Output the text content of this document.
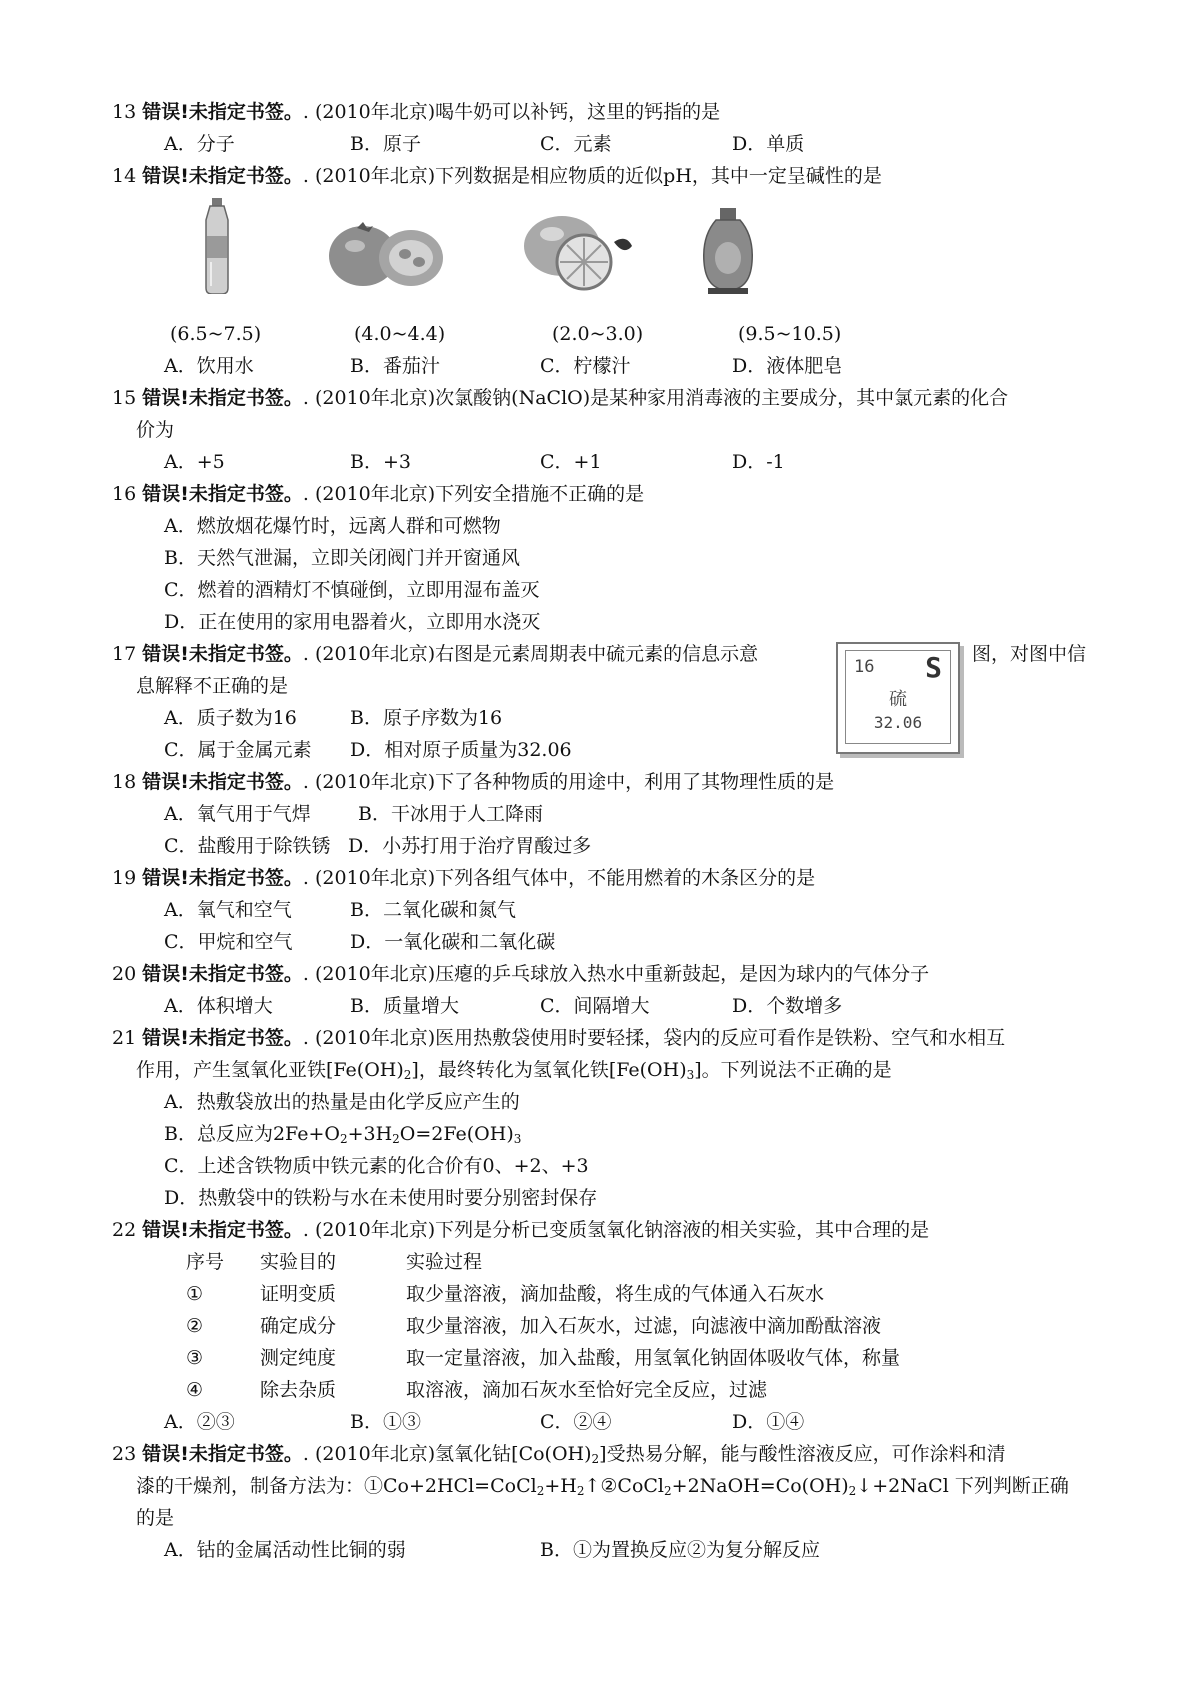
13 错误!未指定书签。. (2010年北京)喝牛奶可以补钙，这里的钙指的是
A．分子	B．原子	C．元素	D．单质
14 错误!未指定书签。. (2010年北京)下列数据是相应物质的近似pH，其中一定呈碱性的是
(6.5~7.5)	(4.0~4.4)	(2.0~3.0)	(9.5~10.5)
A．饮用水	B．番茄汁	C．柠檬汁	D．液体肥皂
15 错误!未指定书签。. (2010年北京)次氯酸钠(NaClO)是某种家用消毒液的主要成分，其中氯元素的化合
价为
A．+5	B．+3	C．+1	D．-1
16 错误!未指定书签。. (2010年北京)下列安全措施不正确的是
A．燃放烟花爆竹时，远离人群和可燃物
B．天然气泄漏，立即关闭阀门并开窗通风
C．燃着的酒精灯不慎碰倒，立即用湿布盖灭
D．正在使用的家用电器着火，立即用水浇灭
17 错误!未指定书签。. (2010年北京)右图是元素周期表中硫元素的信息示意	图，对图中信
息解释不正确的是
A．质子数为16	B．原子序数为16
C．属于金属元素 D．相对原子质量为32.06
16 S
硫
32.06
18 错误!未指定书签。. (2010年北京)下了各种物质的用途中，利用了其物理性质的是
A．氧气用于气焊 B．干冰用于人工降雨
C．盐酸用于除铁锈 D．小苏打用于治疗胃酸过多
19 错误!未指定书签。. (2010年北京)下列各组气体中，不能用燃着的木条区分的是
A．氧气和空气	B．二氧化碳和氮气
C．甲烷和空气	D．一氧化碳和二氧化碳
20 错误!未指定书签。. (2010年北京)压瘪的乒乓球放入热水中重新鼓起，是因为球内的气体分子
A．体积增大	B．质量增大	C．间隔增大	D．个数增多
21 错误!未指定书签。. (2010年北京)医用热敷袋使用时要轻揉，袋内的反应可看作是铁粉、空气和水相互
作用，产生氢氧化亚铁$[Fe(OH)_2]$，最终转化为氢氧化铁$[Fe(OH)_3]$。下列说法不正确的是
A．热敷袋放出的热量是由化学反应产生的
B．总反应为$2Fe+O_2+3H_2O=2Fe(OH)_3$
C．上述含铁物质中铁元素的化合价有0、+2、+3
D．热敷袋中的铁粉与水在未使用时要分别密封保存
22 错误!未指定书签。. (2010年北京)下列是分析已变质氢氧化钠溶液的相关实验，其中合理的是
序号 实验目的	实验过程
①	证明变质	取少量溶液，滴加盐酸，将生成的气体通入石灰水
②	确定成分	取少量溶液，加入石灰水，过滤，向滤液中滴加酚酞溶液
③	测定纯度	取一定量溶液，加入盐酸，用氢氧化钠固体吸收气体，称量
④	除去杂质	取溶液，滴加石灰水至恰好完全反应，过滤
A．②③	B．①③	C．②④	D．①④
23 错误!未指定书签。. (2010年北京)氢氧化钴$[Co(OH)_2]$受热易分解，能与酸性溶液反应，可作涂料和清
漆的干燥剂，制备方法为：$①Co+2HCl=CoCl_2+H_2↑②CoCl_2+2NaOH=Co(OH)_2↓+2NaCl$ 下列判断正确
的是
A．钴的金属活动性比铜的弱	B．①为置换反应②为复分解反应
